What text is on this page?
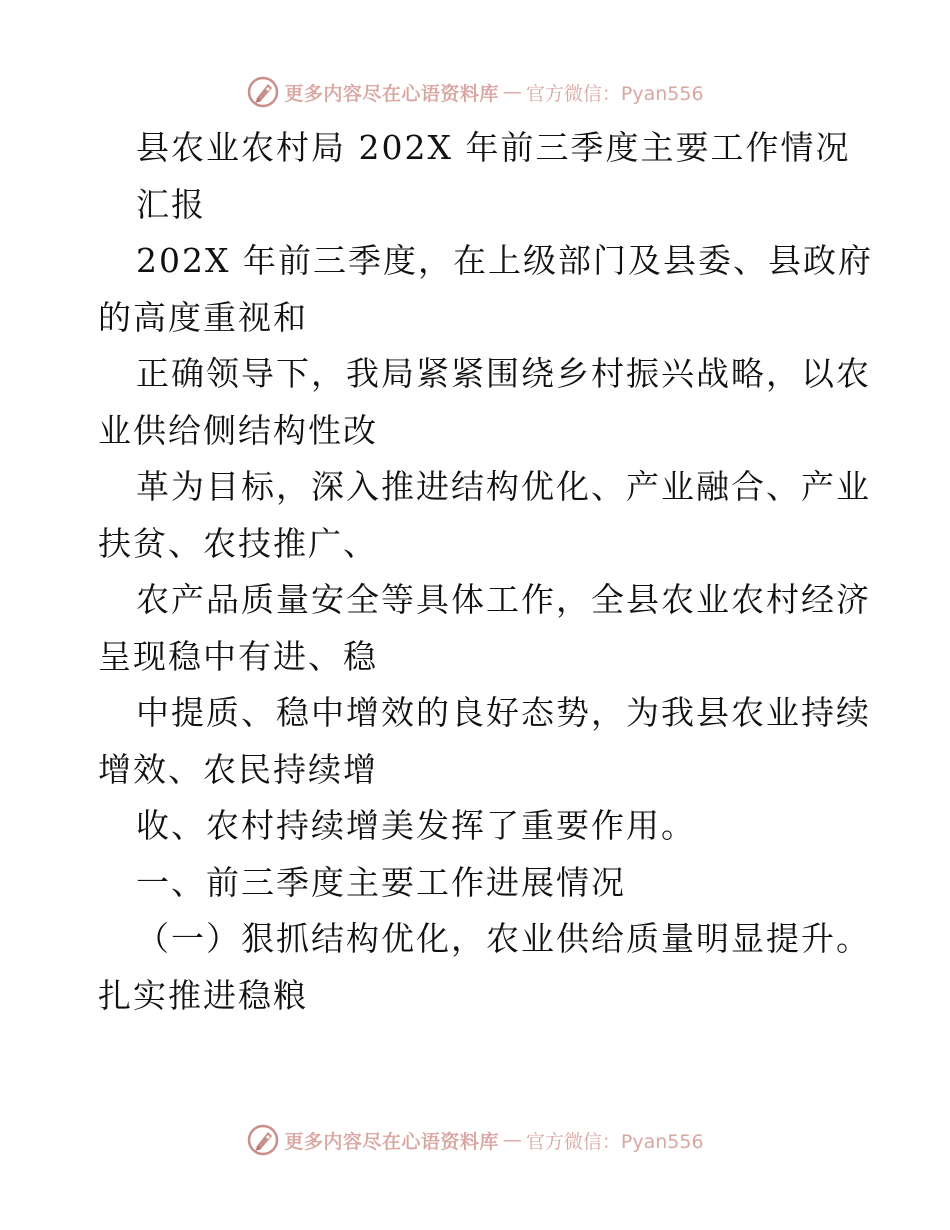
更多内容尽在心语资料库 — 官方微信：Pyan556
县农业农村局 202X 年前三季度主要工作情况
汇报
202X 年前三季度，在上级部门及县委、县政府
的高度重视和
正确领导下，我局紧紧围绕乡村振兴战略，以农
业供给侧结构性改
革为目标，深入推进结构优化、产业融合、产业
扶贫、农技推广、
农产品质量安全等具体工作，全县农业农村经济
呈现稳中有进、稳
中提质、稳中增效的良好态势，为我县农业持续
增效、农民持续增
收、农村持续增美发挥了重要作用。
一、前三季度主要工作进展情况
（一）狠抓结构优化，农业供给质量明显提升。
扎实推进稳粮
更多内容尽在心语资料库 — 官方微信：Pyan556
